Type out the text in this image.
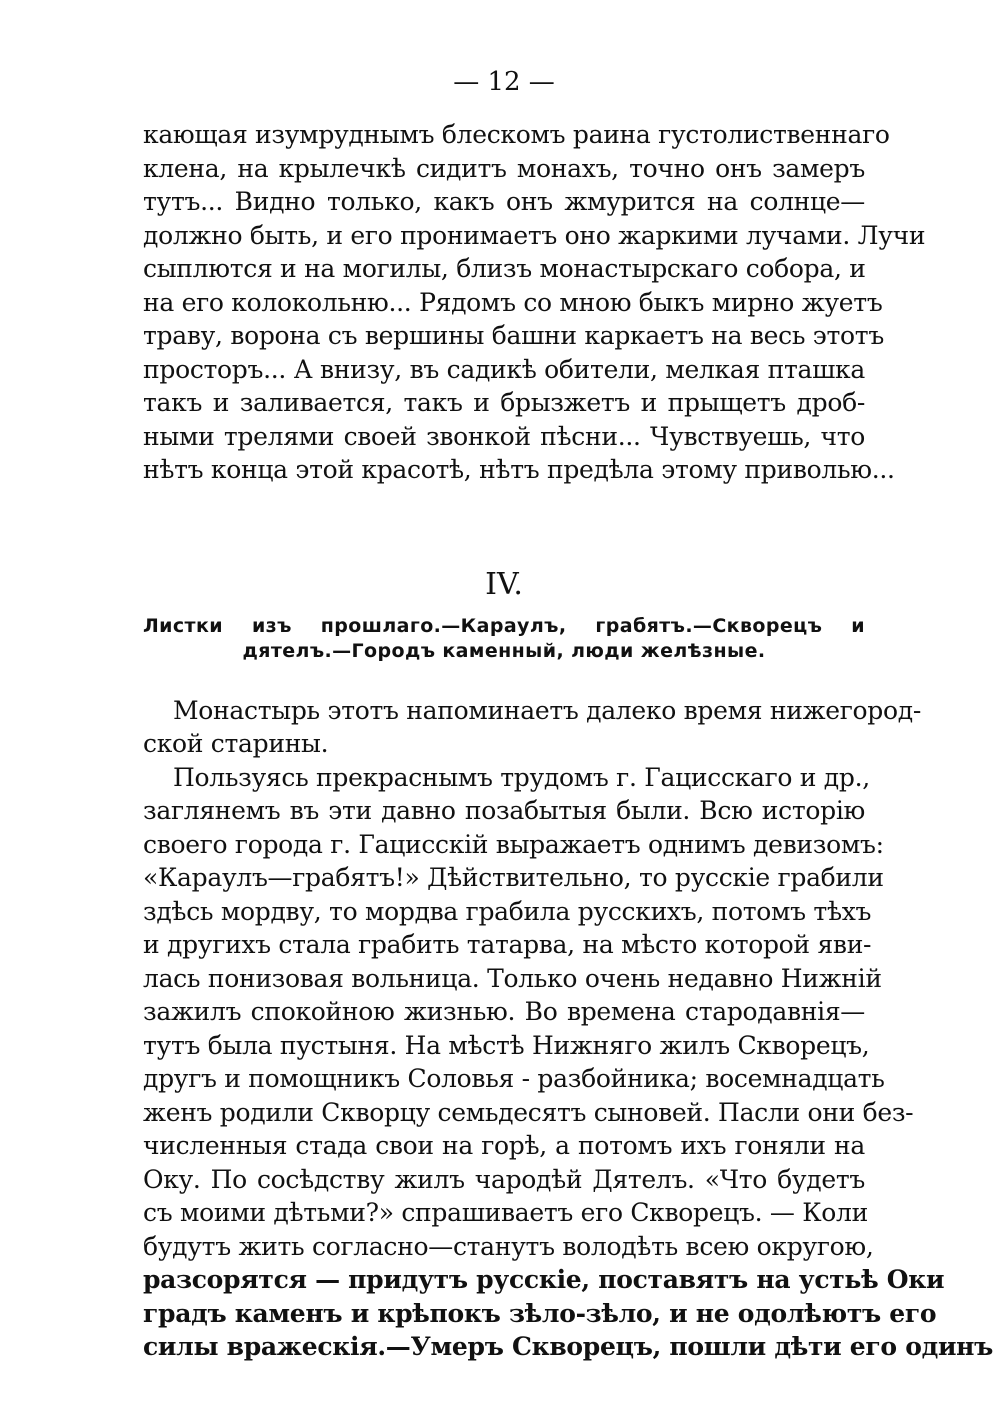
— 12 —
кающая изумруднымъ блескомъ раина густолиственнаго
клена, на крылечкѣ сидитъ монахъ, точно онъ замеръ
тутъ... Видно только, какъ онъ жмурится на солнце—
должно быть, и его пронимаетъ оно жаркими лучами. Лучи
сыплются и на могилы, близъ монастырскаго собора, и
на его колокольню... Рядомъ со мною быкъ мирно жуетъ
траву, ворона съ вершины башни каркаетъ на весь этотъ
просторъ... А внизу, въ садикѣ обители, мелкая пташка
такъ и заливается, такъ и брызжетъ и прыщетъ дроб-
ными трелями своей звонкой пѣсни... Чувствуешь, что
нѣтъ конца этой красотѣ, нѣтъ предѣла этому приволью...
IV.
Листки изъ прошлаго.—Караулъ, грабятъ.—Скворецъ и
дятелъ.—Городъ каменный, люди желѣзные.
Монастырь этотъ напоминаетъ далеко время нижегород-
ской старины.
Пользуясь прекраснымъ трудомъ г. Гацисскаго и др.,
заглянемъ въ эти давно позабытыя были. Всю исторію
своего города г. Гацисскій выражаетъ однимъ девизомъ:
«Караулъ—грабятъ!» Дѣйствительно, то русскіе грабили
здѣсь мордву, то мордва грабила русскихъ, потомъ тѣхъ
и другихъ стала грабить татарва, на мѣсто которой яви-
лась понизовая вольница. Только очень недавно Нижній
зажилъ спокойною жизнью. Во времена стародавнія—
тутъ была пустыня. На мѣстѣ Нижняго жилъ Скворецъ,
другъ и помощникъ Соловья - разбойника; восемнадцать
женъ родили Скворцу семьдесятъ сыновей. Пасли они без-
численныя стада свои на горѣ, а потомъ ихъ гоняли на
Оку. По сосѣдству жилъ чародѣй Дятелъ. «Что будетъ
съ моими дѣтьми?» спрашиваетъ его Скворецъ. — Коли
будутъ жить согласно—станутъ володѣть всею округою,
разсорятся — придутъ русскіе, поставятъ на устьѣ Оки
градъ каменъ и крѣпокъ зѣло-зѣло, и не одолѣютъ его
силы вражескія.—Умеръ Скворецъ, пошли дѣти его одинъ
